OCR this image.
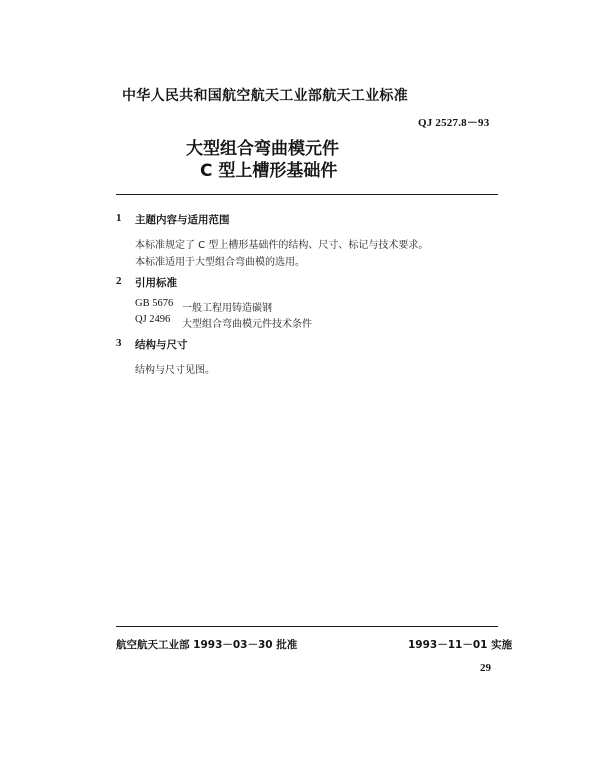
中华人民共和国航空航天工业部航天工业标准
QJ 2527.8－93
大型组合弯曲模元件
C 型上槽形基础件
1 主题内容与适用范围
本标准规定了 C 型上槽形基础件的结构、尺寸、标记与技术要求。
本标准适用于大型组合弯曲模的选用。
2 引用标准
GB 5676 一般工程用铸造碳钢
QJ 2496 大型组合弯曲模元件技术条件
3 结构与尺寸
结构与尺寸见图。
航空航天工业部 1993－03－30 批准	1993－11－01 实施
29
